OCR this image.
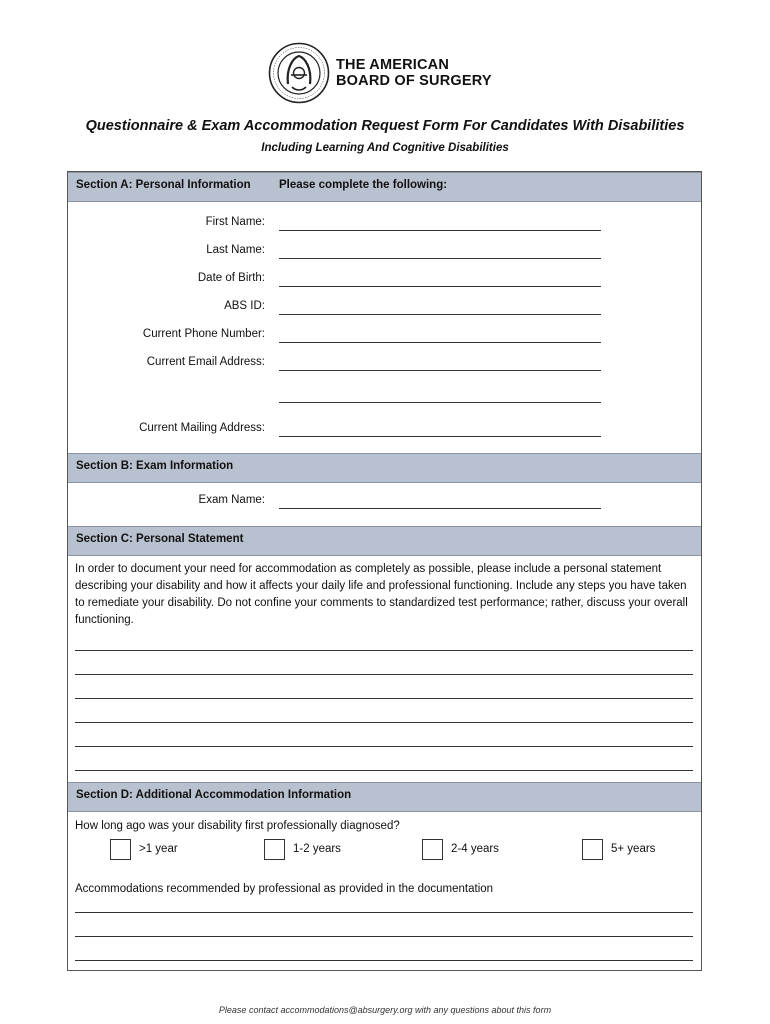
THE AMERICAN
BOARD OF SURGERY
Questionnaire & Exam Accommodation Request Form For Candidates With Disabilities
Including Learning And Cognitive Disabilities
Section A: Personal Information Please complete the following:
First Name:
Last Name:
Date of Birth:
ABS ID:
Current Phone Number:
Current Email Address:
Current Mailing Address:
Section B: Exam Information
Exam Name:
Section C: Personal Statement
In order to document your need for accommodation as completely as possible, please include a personal statement describing your disability and how it affects your daily life and professional functioning. Include any steps you have taken to remediate your disability. Do not confine your comments to standardized test performance; rather, discuss your overall functioning.
Section D: Additional Accommodation Information
How long ago was your disability first professionally diagnosed?
>1 year	1-2 years	2-4 years	5+ years
Accommodations recommended by professional as provided in the documentation
Please contact accommodations@absurgery.org with any questions about this form
